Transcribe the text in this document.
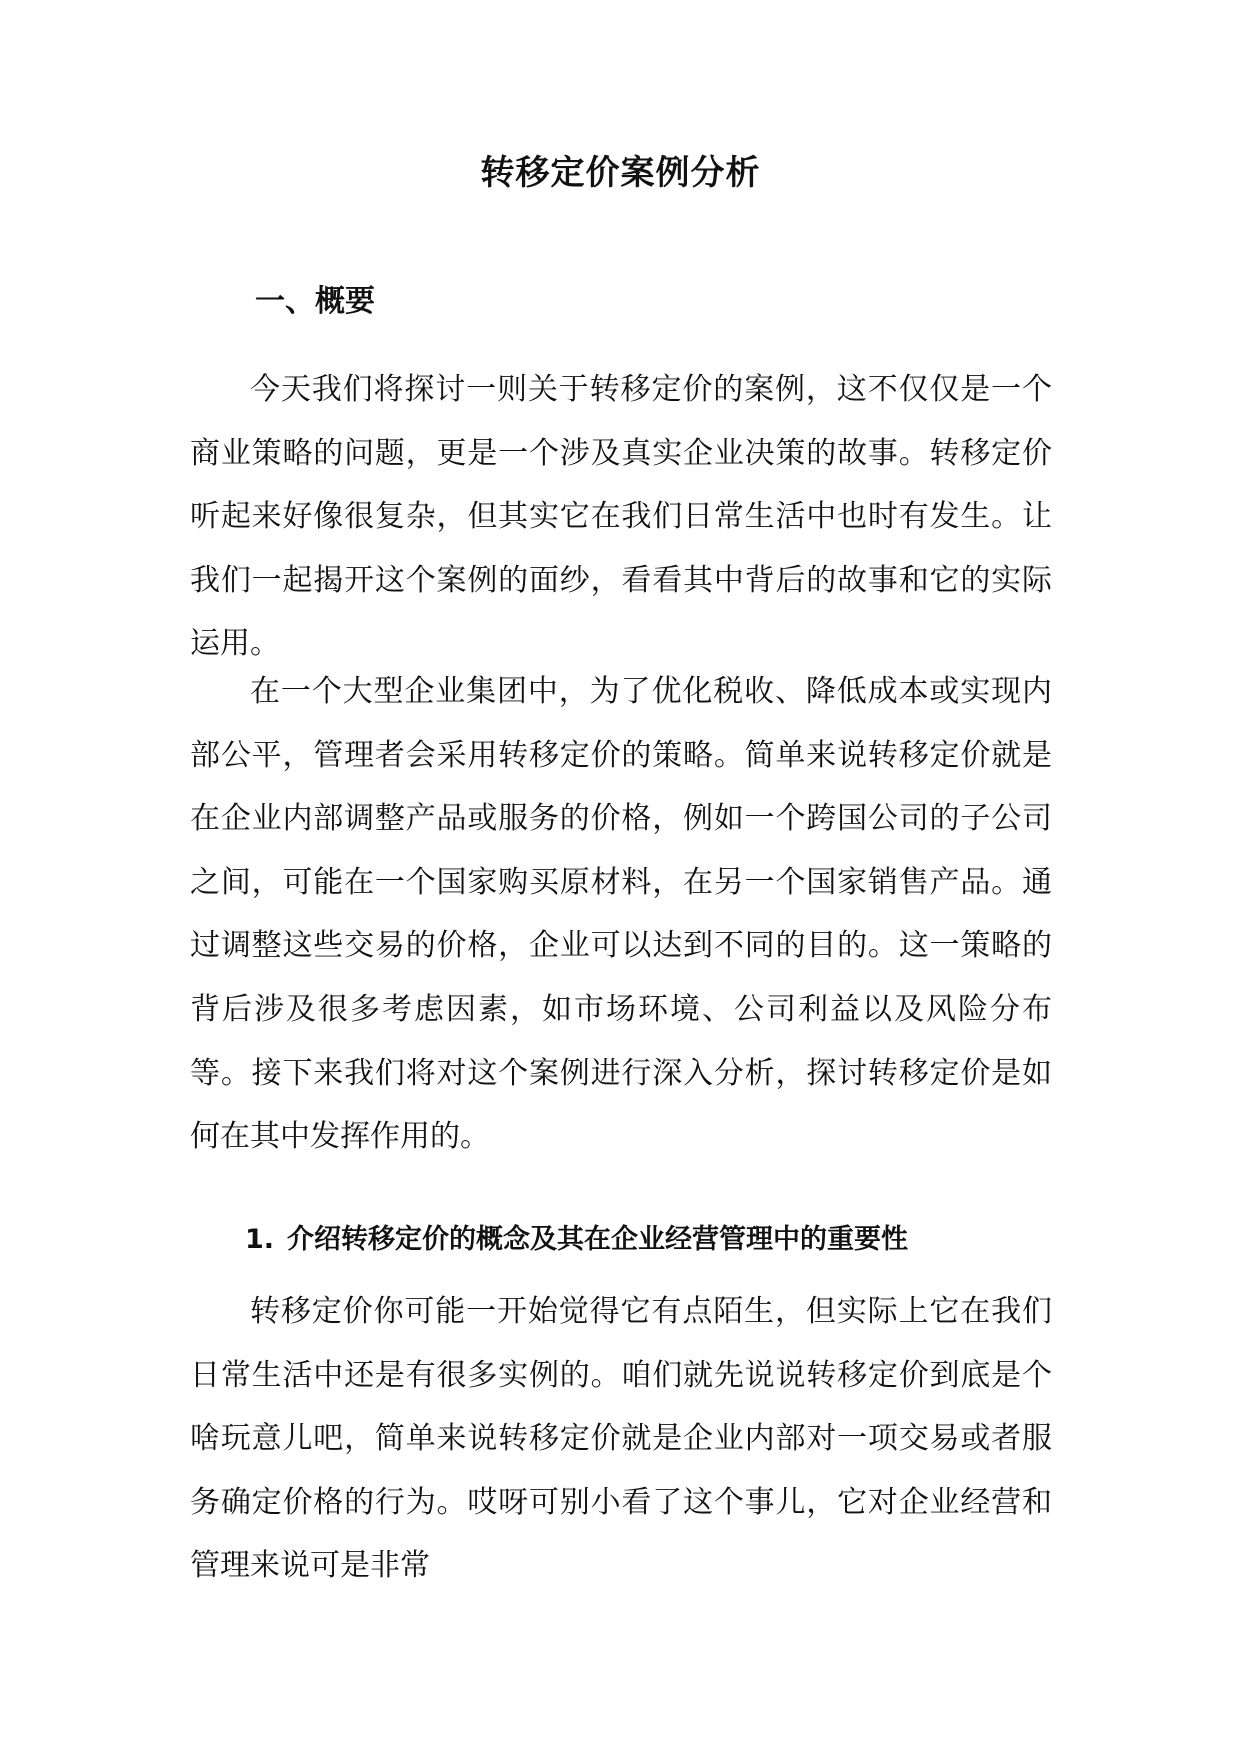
转移定价案例分析
一、概要

今天我们将探讨一则关于转移定价的案例，这不仅仅是一个商业策略的问题，更是一个涉及真实企业决策的故事。转移定价听起来好像很复杂，但其实它在我们日常生活中也时有发生。让我们一起揭开这个案例的面纱，看看其中背后的故事和它的实际运用。

在一个大型企业集团中，为了优化税收、降低成本或实现内部公平，管理者会采用转移定价的策略。简单来说转移定价就是在企业内部调整产品或服务的价格，例如一个跨国公司的子公司之间，可能在一个国家购买原材料，在另一个国家销售产品。通过调整这些交易的价格，企业可以达到不同的目的。这一策略的背后涉及很多考虑因素，如市场环境、公司利益以及风险分布等。接下来我们将对这个案例进行深入分析，探讨转移定价是如何在其中发挥作用的。

1. 介绍转移定价的概念及其在企业经营管理中的重要性

转移定价你可能一开始觉得它有点陌生，但实际上它在我们日常生活中还是有很多实例的。咱们就先说说转移定价到底是个啥玩意儿吧，简单来说转移定价就是企业内部对一项交易或者服务确定价格的行为。哎呀可别小看了这个事儿，它对企业经营和管理来说可是非常
